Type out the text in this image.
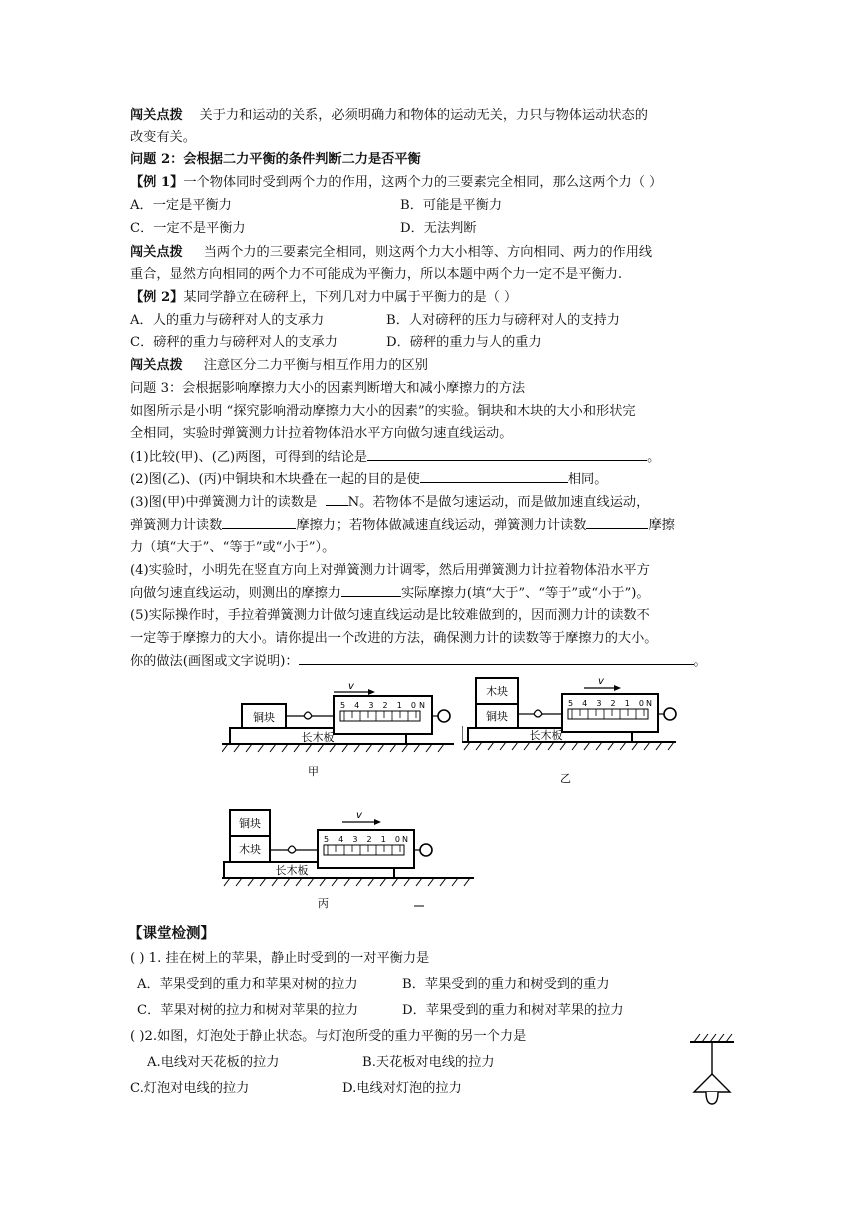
闯关点拨 关于力和运动的关系，必须明确力和物体的运动无关，力只与物体运动状态的
改变有关。
问题 2：会根据二力平衡的条件判断二力是否平衡
【例 1】一个物体同时受到两个力的作用，这两个力的三要素完全相同，那么这两个力（ ）
A．一定是平衡力	B．可能是平衡力
C．一定不是平衡力	D．无法判断
闯关点拨 当两个力的三要素完全相同，则这两个力大小相等、方向相同、两力的作用线
重合，显然方向相同的两个力不可能成为平衡力，所以本题中两个力一定不是平衡力.
【例 2】某同学静立在磅秤上，下列几对力中属于平衡力的是（ ）
A．人的重力与磅秤对人的支承力	B．人对磅秤的压力与磅秤对人的支持力
C．磅秤的重力与磅秤对人的支承力	D．磅秤的重力与人的重力
闯关点拨 注意区分二力平衡与相互作用力的区别
问题 3：会根据影响摩擦力大小的因素判断增大和减小摩擦力的方法
如图所示是小明 “探究影响滑动摩擦力大小的因素”的实验。铜块和木块的大小和形状完
全相同，实验时弹簧测力计拉着物体沿水平方向做匀速直线运动。
(1)比较(甲)、(乙)两图，可得到的结论是	。
(2)图(乙)、(丙)中铜块和木块叠在一起的目的是使	相同。
(3)图(甲)中弹簧测力计的读数是  N。若物体不是做匀速运动，而是做加速直线运动，
弹簧测力计读数	摩擦力；若物体做减速直线运动，弹簧测力计读数	摩擦
力（填“大于”、“等于”或“小于”）。
(4)实验时，小明先在竖直方向上对弹簧测力计调零，然后用弹簧测力计拉着物体沿水平方
向做匀速直线运动，则测出的摩擦力	实际摩擦力(填“大于”、“等于”或“小于”)。
(5)实际操作时，手拉着弹簧测力计做匀速直线运动是比较难做到的，因而测力计的读数不
一定等于摩擦力的大小。请你提出一个改进的方法，确保测力计的读数等于摩擦力的大小。
你的做法(画图或文字说明)：	。
铜块
长木板
5 4 3 2 1 0 N
v
甲
木块
铜块
长木板
5 4 3 2 1 0 N
v
乙
铜块
木块
长木板
5 4 3 2 1 0 N
v
丙
【课堂检测】
( ) 1. 挂在树上的苹果，静止时受到的一对平衡力是
A．苹果受到的重力和苹果对树的拉力	B．苹果受到的重力和树受到的重力
C．苹果对树的拉力和树对苹果的拉力	D．苹果受到的重力和树对苹果的拉力
( )2.如图，灯泡处于静止状态。与灯泡所受的重力平衡的另一个力是
A.电线对天花板的拉力	B.天花板对电线的拉力
C.灯泡对电线的拉力	D.电线对灯泡的拉力
